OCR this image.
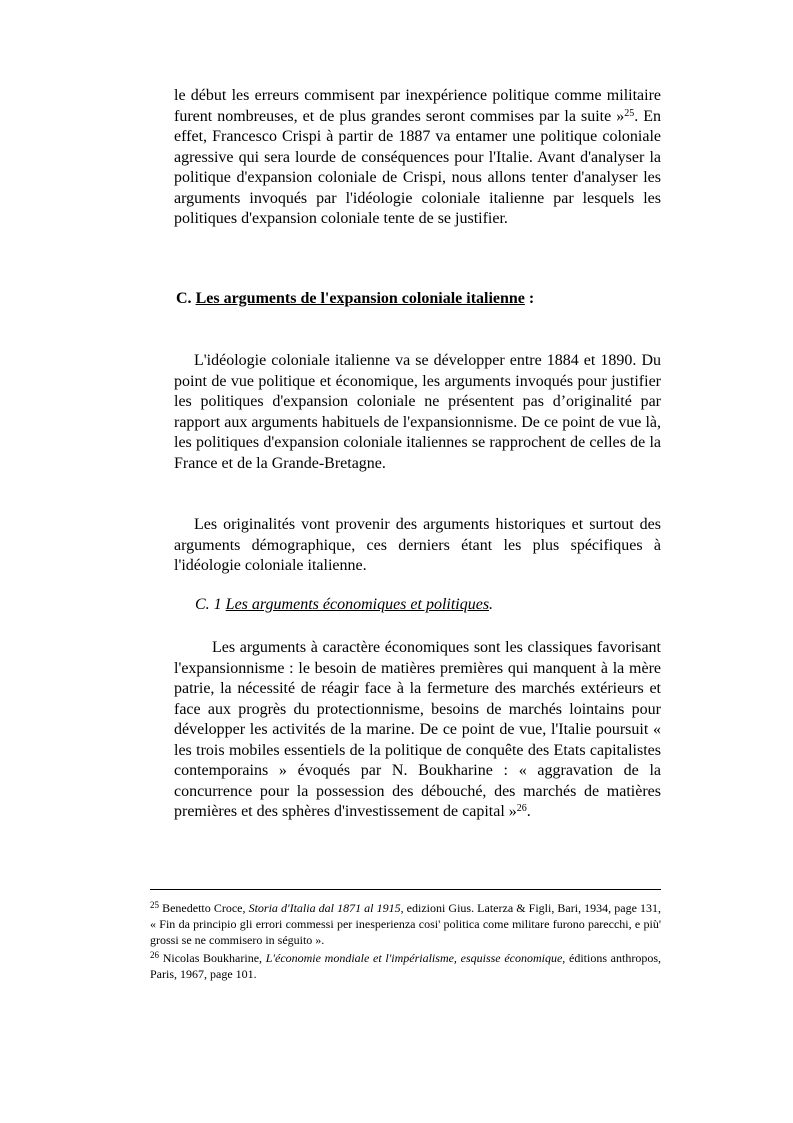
le début les erreurs commisent par inexpérience politique comme militaire furent nombreuses, et de plus grandes seront commises par la suite »$^{25}$. En effet, Francesco Crispi à partir de 1887 va entamer une politique coloniale agressive qui sera lourde de conséquences pour l'Italie. Avant d'analyser la politique d'expansion coloniale de Crispi, nous allons tenter d'analyser les arguments invoqués par l'idéologie coloniale italienne par lesquels les politiques d'expansion coloniale tente de se justifier.

C. Les arguments de l'expansion coloniale italienne :

L'idéologie coloniale italienne va se développer entre 1884 et 1890. Du point de vue politique et économique, les arguments invoqués pour justifier les politiques d'expansion coloniale ne présentent pas d’originalité par rapport aux arguments habituels de l'expansionnisme. De ce point de vue là, les politiques d'expansion coloniale italiennes se rapprochent de celles de la France et de la Grande-Bretagne.

Les originalités vont provenir des arguments historiques et surtout des arguments démographique, ces derniers étant les plus spécifiques à l'idéologie coloniale italienne.

C. 1 Les arguments économiques et politiques.

Les arguments à caractère économiques sont les classiques favorisant l'expansionnisme : le besoin de matières premières qui manquent à la mère patrie, la nécessité de réagir face à la fermeture des marchés extérieurs et face aux progrès du protectionnisme, besoins de marchés lointains pour développer les activités de la marine. De ce point de vue, l'Italie poursuit « les trois mobiles essentiels de la politique de conquête des Etats capitalistes contemporains » évoqués par N. Boukharine : « aggravation de la concurrence pour la possession des débouché, des marchés de matières premières et des sphères d'investissement de capital »$^{26}$.

$^{25}$ Benedetto Croce, Storia d'Italia dal 1871 al 1915, edizioni Gius. Laterza & Figli, Bari, 1934, page 131, « Fin da principio gli errori commessi per inesperienza cosi' politica come militare furono parecchi, e più' grossi se ne commisero in séguito ».

$^{26}$ Nicolas Boukharine, L'économie mondiale et l'impérialisme, esquisse économique, éditions anthropos, Paris, 1967, page 101.
